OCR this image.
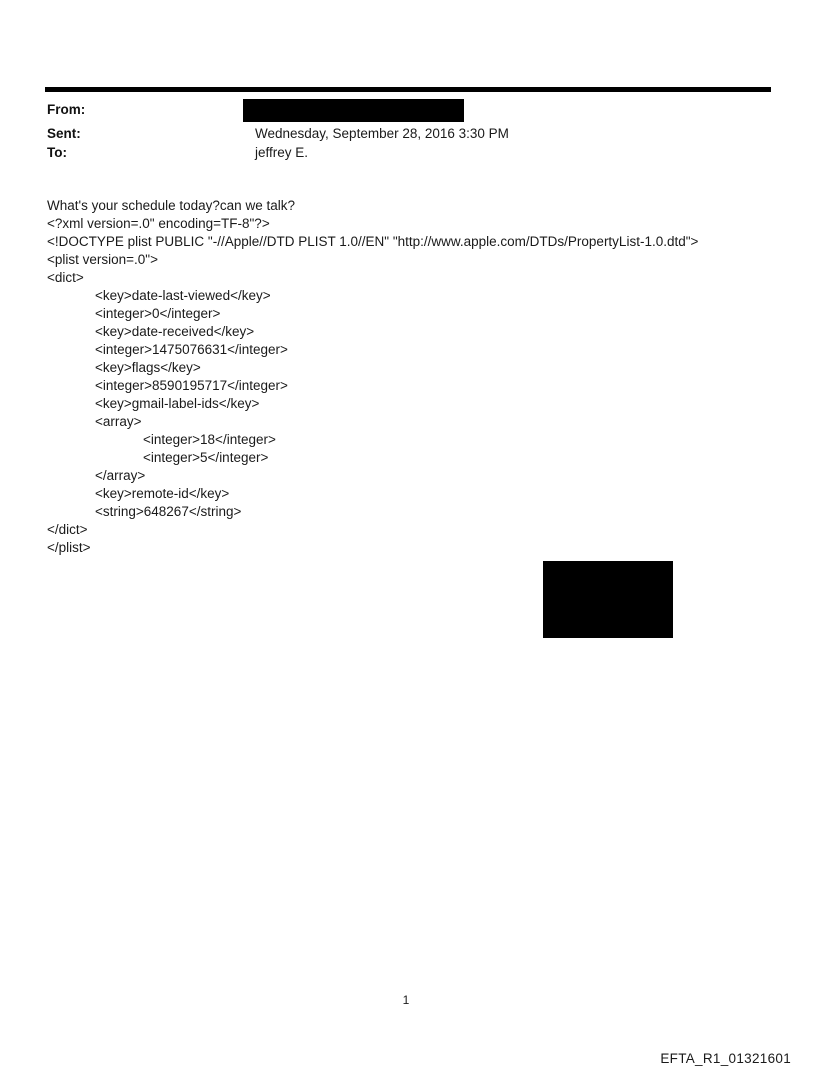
From:
Sent:	Wednesday, September 28, 2016 3:30 PM
To:	jeffrey E.
What's your schedule today?can we talk?
<?xml version=.0" encoding=TF-8"?>
<!DOCTYPE plist PUBLIC "-//Apple//DTD PLIST 1.0//EN" "http://www.apple.com/DTDs/PropertyList-1.0.dtd">
<plist version=.0">
<dict>
<key>date-last-viewed</key>
<integer>0</integer>
<key>date-received</key>
<integer>1475076631</integer>
<key>flags</key>
<integer>8590195717</integer>
<key>gmail-label-ids</key>
<array>
<integer>18</integer>
<integer>5</integer>
</array>
<key>remote-id</key>
<string>648267</string>
</dict>
</plist>
1
EFTA_R1_01321601
